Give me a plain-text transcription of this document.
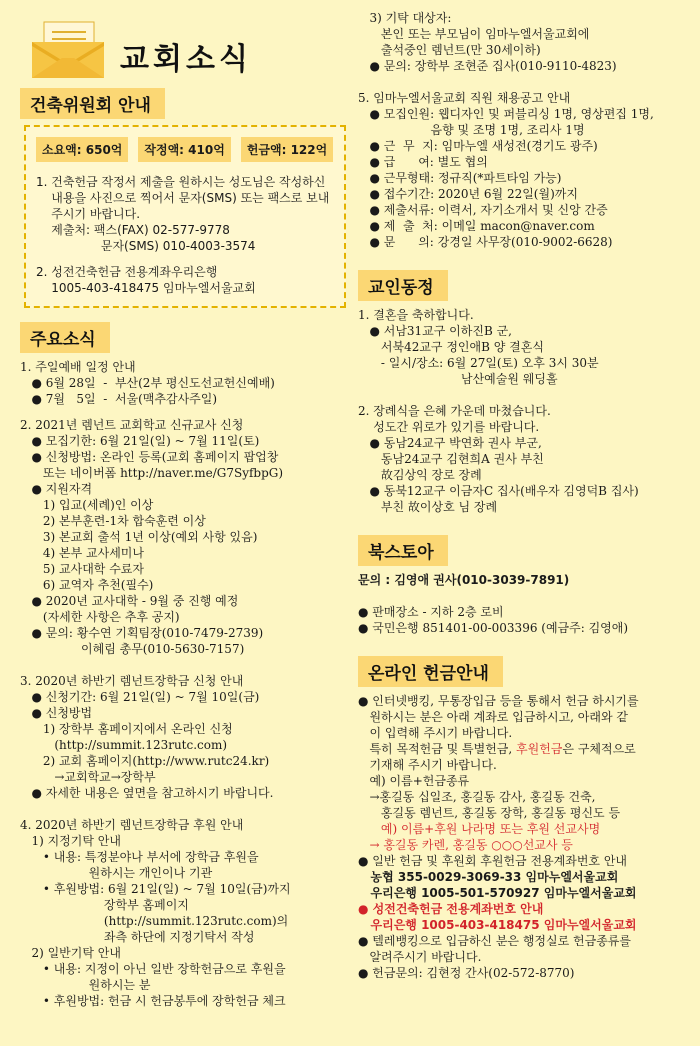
교회소식
건축위원회 안내
소요액: 650억	작정액: 410억	헌금액: 122억
1. 건축헌금 작정서 제출을 원하시는 성도님은 작성하신
내용을 사진으로 찍어서 문자(SMS) 또는 팩스로 보내
주시기 바랍니다.
제출처: 팩스(FAX) 02-577-9778
문자(SMS) 010-4003-3574
2. 성전건축헌금 전용계좌우리은행
1005-403-418475 임마누엘서울교회
주요소식
1. 주일예배 일정 안내
● 6월 28일  -  부산(2부 평신도선교헌신예배)
● 7월   5일  -  서울(맥추감사주일)
2. 2021년 렘넌트 교회학교 신규교사 신청
● 모집기한: 6월 21일(일) ~ 7월 11일(토)
● 신청방법: 온라인 등록(교회 홈페이지 팝업창
또는 네이버폼 http://naver.me/G7SyfbpG)
● 지원자격
1) 입교(세례)인 이상
2) 본부훈련-1차 합숙훈련 이상
3) 본교회 출석 1년 이상(예외 사항 있음)
4) 본부 교사세미나
5) 교사대학 수료자
6) 교역자 추천(필수)
● 2020년 교사대학 - 9월 중 진행 예정
(자세한 사항은 추후 공지)
● 문의: 황수연 기획팀장(010-7479-2739)
이혜림 총무(010-5630-7157)
3. 2020년 하반기 렘넌트장학금 신청 안내
● 신청기간: 6월 21일(일) ~ 7월 10일(금)
● 신청방법
1) 장학부 홈페이지에서 온라인 신청
(http://summit.123rutc.com)
2) 교회 홈페이지(http://www.rutc24.kr)
→교회학교→장학부
● 자세한 내용은 옆면을 참고하시기 바랍니다.
4. 2020년 하반기 렘넌트장학금 후원 안내
1) 지정기탁 안내
• 내용: 특정분야나 부서에 장학금 후원을
원하시는 개인이나 기관
• 후원방법: 6월 21일(일) ~ 7월 10일(금)까지
장학부 홈페이지
(http://summit.123rutc.com)의
좌측 하단에 지정기탁서 작성
2) 일반기탁 안내
• 내용: 지정이 아닌 일반 장학헌금으로 후원을
원하시는 분
• 후원방법: 헌금 시 헌금봉투에 장학헌금 체크
3) 기탁 대상자:
본인 또는 부모님이 임마누엘서울교회에
출석중인 렘넌트(만 30세이하)
● 문의: 장학부 조현준 집사(010-9110-4823)
5. 임마누엘서울교회 직원 채용공고 안내
● 모집인원: 웹디자인 및 퍼블리싱 1명, 영상편집 1명,
음향 및 조명 1명, 조리사 1명
● 근  무  지: 임마누엘 새성전(경기도 광주)
● 급      여: 별도 협의
● 근무형태: 정규직(*파트타임 가능)
● 접수기간: 2020년 6월 22일(월)까지
● 제출서류: 이력서, 자기소개서 및 신앙 간증
● 제  출  처: 이메일 macon@naver.com
● 문      의: 강경일 사무장(010-9002-6628)
교인동정
1. 결혼을 축하합니다.
● 서남31교구 이하진B 군,
서북42교구 정인애B 양 결혼식
- 일시/장소: 6월 27일(토) 오후 3시 30분
남산예술원 웨딩홀
2. 장례식을 은혜 가운데 마쳤습니다.
성도간 위로가 있기를 바랍니다.
● 동남24교구 박연화 권사 부군,
동남24교구 김현희A 권사 부친
故김상익 장로 장례
● 동북12교구 이금자C 집사(배우자 김영덕B 집사)
부친 故이상호 님 장례
북스토아
문의 : 김영애 권사(010-3039-7891)
● 판매장소 - 지하 2층 로비
● 국민은행 851401-00-003396 (예금주: 김영애)
온라인 헌금안내
● 인터넷뱅킹, 무통장입금 등을 통해서 헌금 하시기를
원하시는 분은 아래 계좌로 입금하시고, 아래와 같
이 입력해 주시기 바랍니다.
특히 목적헌금 및 특별헌금, 후원헌금은 구체적으로
기재해 주시기 바랍니다.
예) 이름+헌금종류
→홍길동 십일조, 홍길동 감사, 홍길동 건축,
홍길동 렘넌트, 홍길동 장학, 홍길동 평신도 등
예) 이름+후원 나라명 또는 후원 선교사명
→ 홍길동 카렌, 홍길동 ○○○선교사 등
● 일반 헌금 및 후원회 후원헌금 전용계좌번호 안내
농협 355-0029-3069-33 임마누엘서울교회
우리은행 1005-501-570927 임마누엘서울교회
● 성전건축헌금 전용계좌번호 안내
우리은행 1005-403-418475 임마누엘서울교회
● 텔레뱅킹으로 입금하신 분은 행정실로 헌금종류를
알려주시기 바랍니다.
● 헌금문의: 김현정 간사(02-572-8770)
